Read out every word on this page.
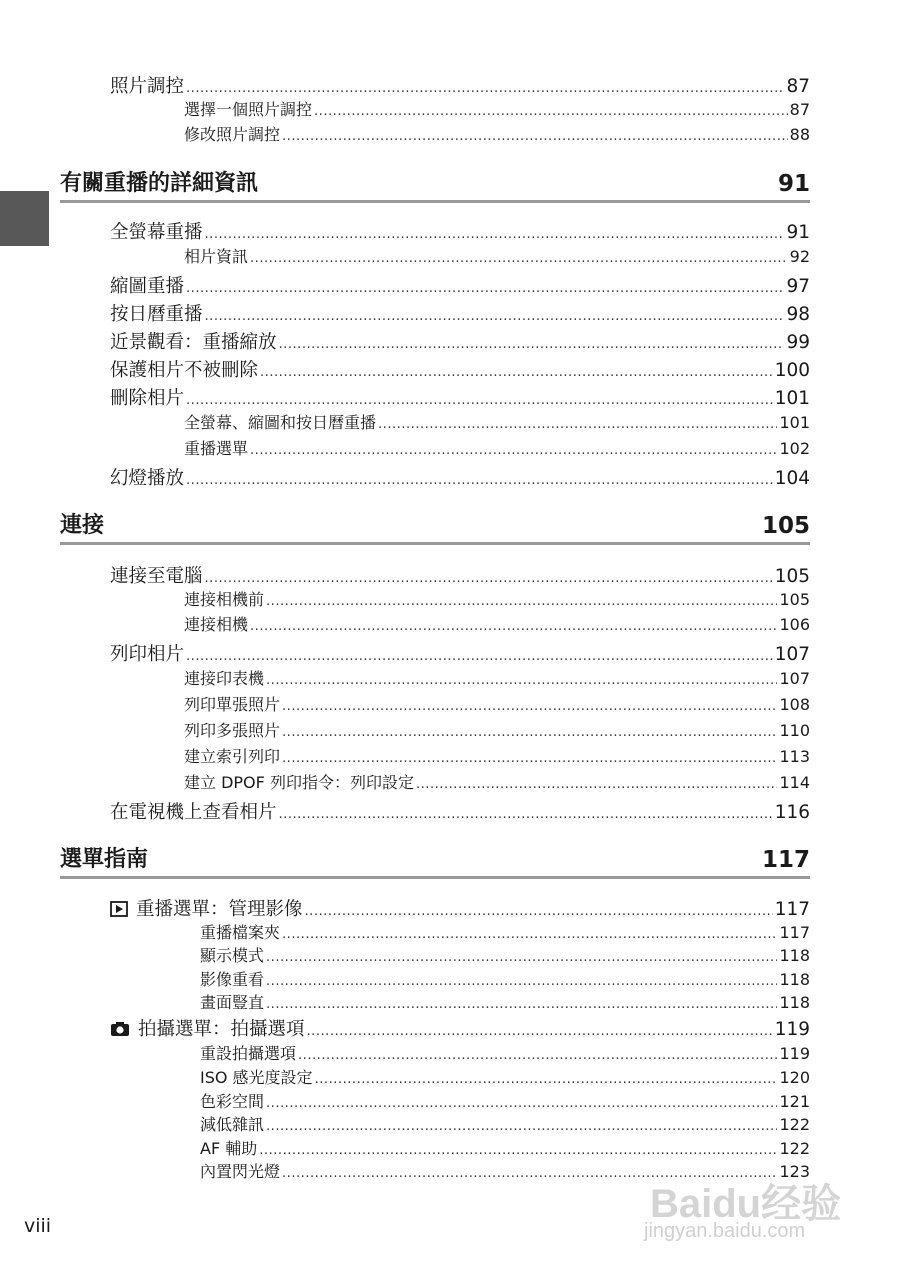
照片調控 .....	87
選擇一個照片調控 .....	87
修改照片調控 .....	88
有關重播的詳細資訊	91
全螢幕重播 .....	91
相片資訊 .....	92
縮圖重播 .....	97
按日曆重播 .....	98
近景觀看：重播縮放 .....	99
保護相片不被刪除 .....	100
刪除相片 .....	101
全螢幕、縮圖和按日曆重播 .....	101
重播選單 .....	102
幻燈播放 .....	104
連接	105
連接至電腦 .....	105
連接相機前 .....	105
連接相機 .....	106
列印相片 .....	107
連接印表機 .....	107
列印單張照片 .....	108
列印多張照片 .....	110
建立索引列印 .....	113
建立 DPOF 列印指令：列印設定 .....	114
在電視機上查看相片 .....	116
選單指南	117
重播選單：管理影像 .....	117
重播檔案夾 .....	117
顯示模式 .....	118
影像重看 .....	118
畫面豎直 .....	118
拍攝選單：拍攝選項 .....	119
重設拍攝選項 .....	119
ISO 感光度設定 .....	120
色彩空間 .....	121
減低雜訊 .....	122
AF 輔助 .....	122
內置閃光燈 .....	123
viii	Baidu经验
jingyan.baidu.com
